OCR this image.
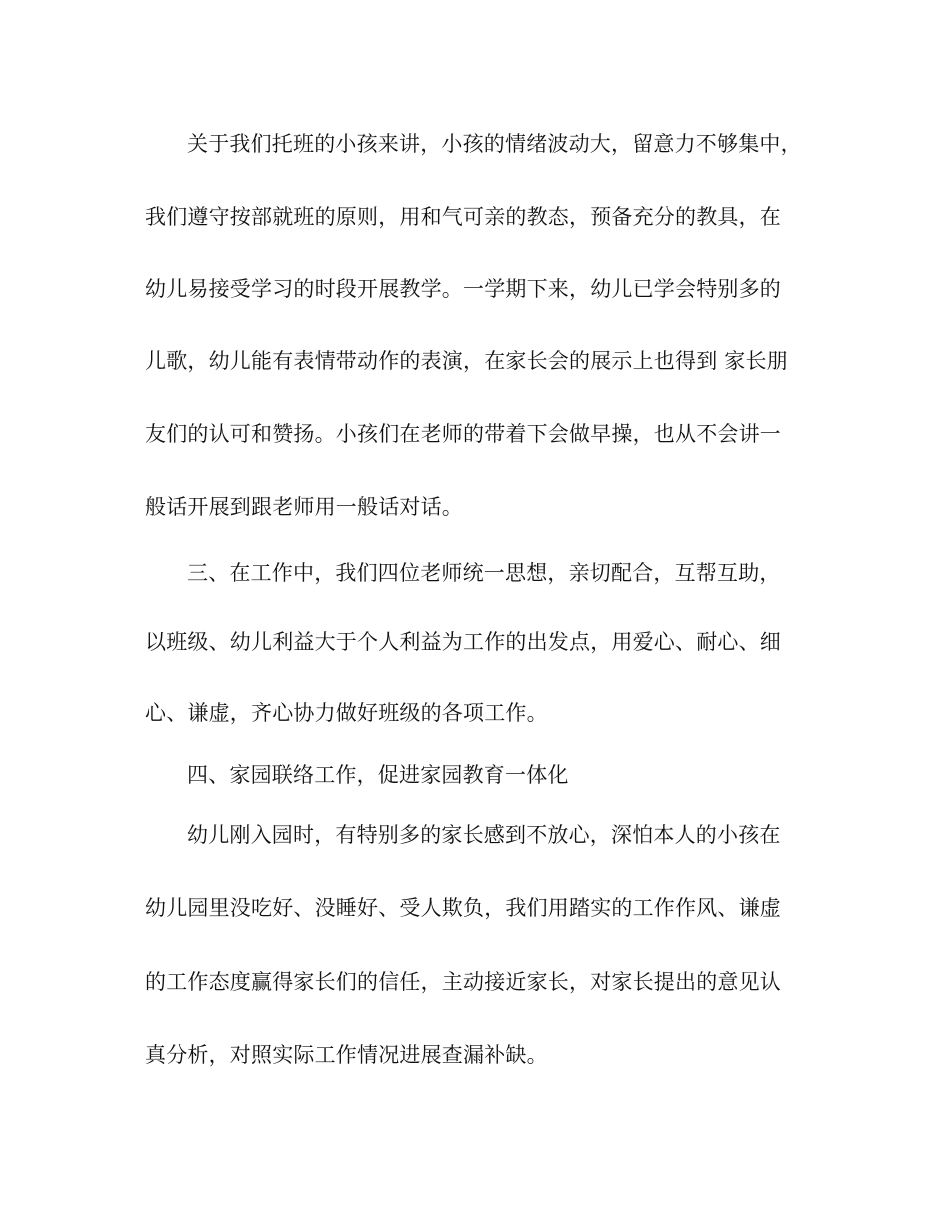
关于我们托班的小孩来讲，小孩的情绪波动大，留意力不够集中，
我们遵守按部就班的原则，用和气可亲的教态，预备充分的教具，在
幼儿易接受学习的时段开展教学。一学期下来，幼儿已学会特别多的
儿歌，幼儿能有表情带动作的表演，在家长会的展示上也得到 家长朋
友们的认可和赞扬。小孩们在老师的带着下会做早操，也从不会讲一
般话开展到跟老师用一般话对话。
三、在工作中，我们四位老师统一思想，亲切配合，互帮互助，
以班级、幼儿利益大于个人利益为工作的出发点，用爱心、耐心、细
心、谦虚，齐心协力做好班级的各项工作。
四、家园联络工作，促进家园教育一体化
幼儿刚入园时，有特别多的家长感到不放心，深怕本人的小孩在
幼儿园里没吃好、没睡好、受人欺负，我们用踏实的工作作风、谦虚
的工作态度赢得家长们的信任，主动接近家长，对家长提出的意见认
真分析，对照实际工作情况进展查漏补缺。
